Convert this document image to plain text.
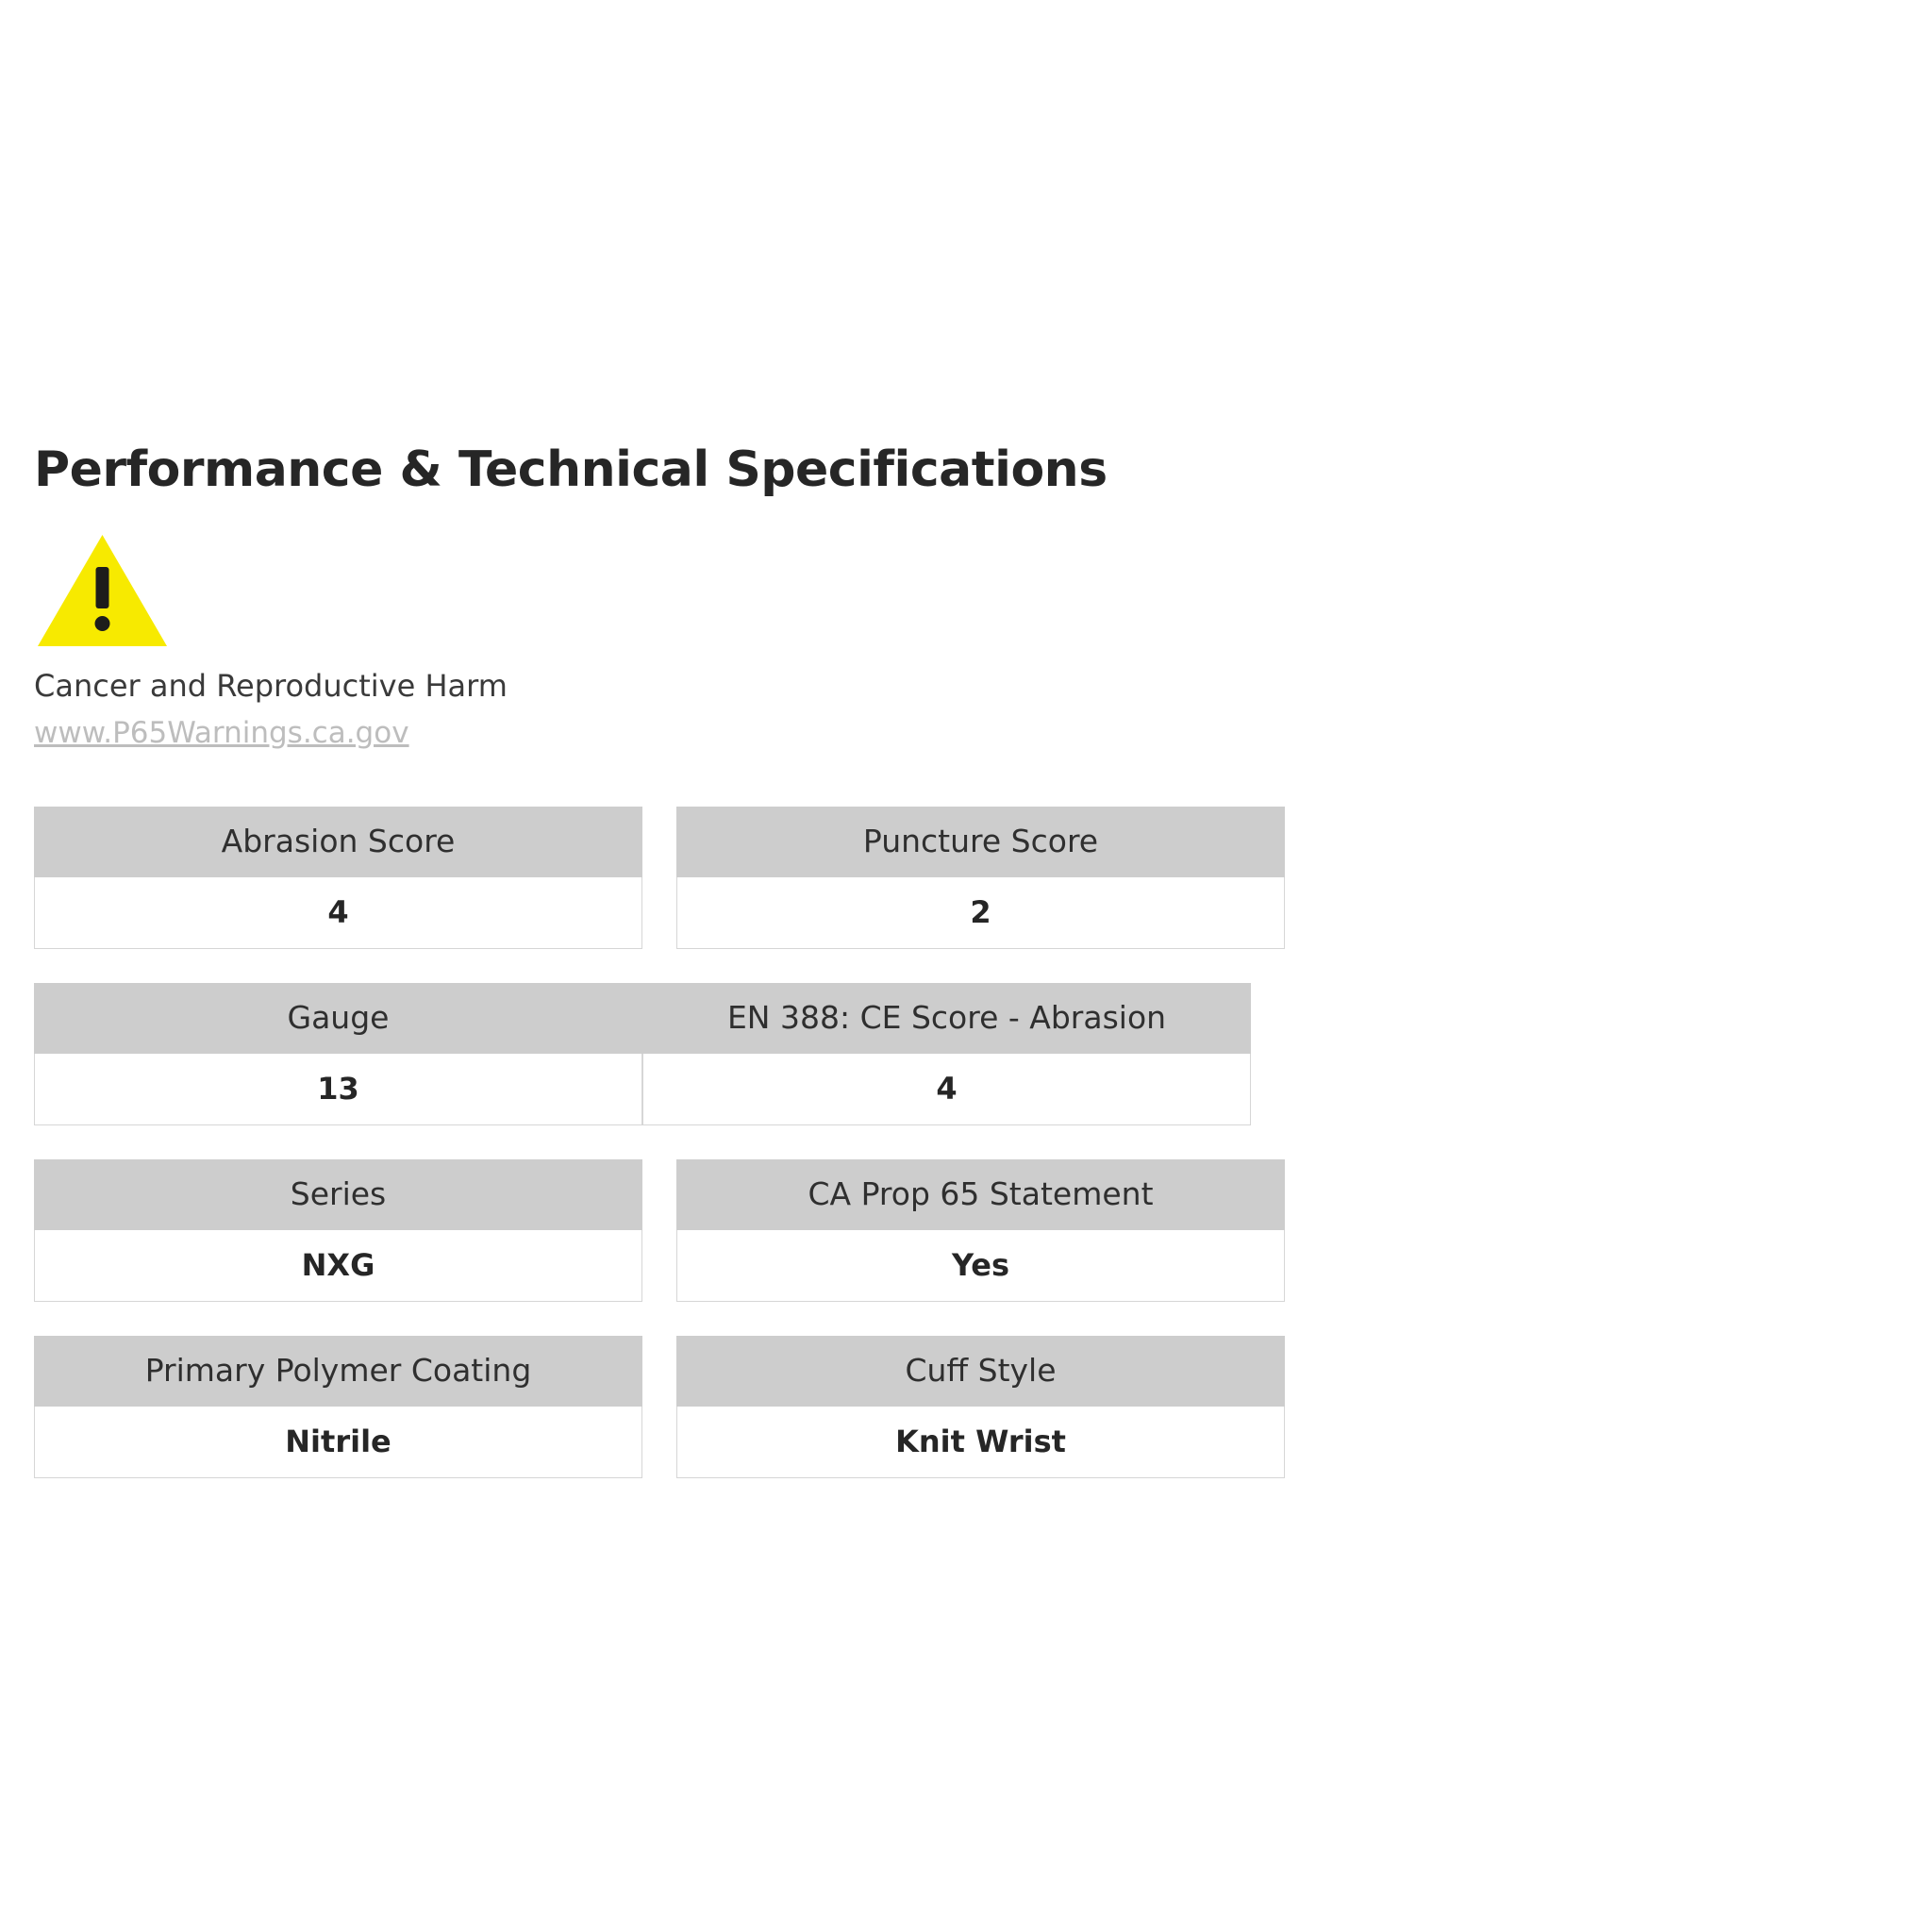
Performance & Technical Specifications
Cancer and Reproductive Harm
www.P65Warnings.ca.gov
Abrasion Score
4
Puncture Score
2
Gauge
13
EN 388: CE Score - Abrasion
4
Series
NXG
CA Prop 65 Statement
Yes
Primary Polymer Coating
Nitrile
Cuff Style
Knit Wrist
